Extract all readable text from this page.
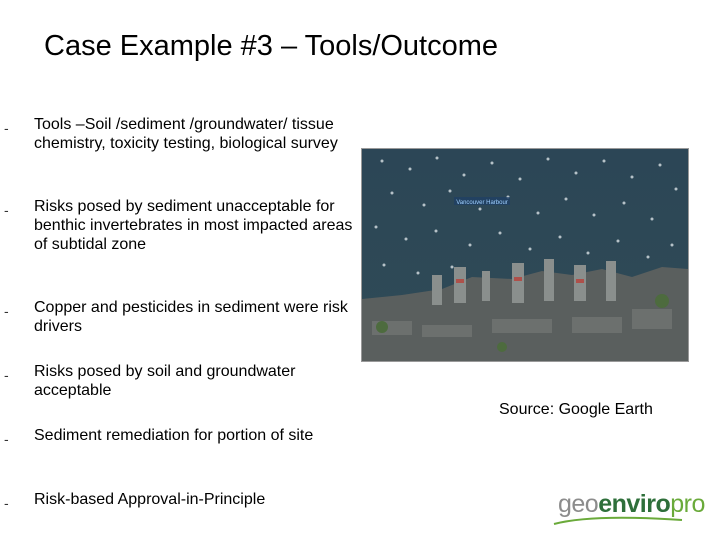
Case Example #3 – Tools/Outcome
- Tools –Soil /sediment /groundwater/ tissue chemistry, toxicity testing, biological survey
- Risks posed by sediment unacceptable for benthic invertebrates in most impacted areas of subtidal zone
- Copper and pesticides in sediment were risk drivers
- Risks posed by soil and groundwater acceptable
- Sediment remediation for portion of site
- Risk-based Approval-in-Principle
Vancouver Harbour
Source: Google Earth
geoenviropro
